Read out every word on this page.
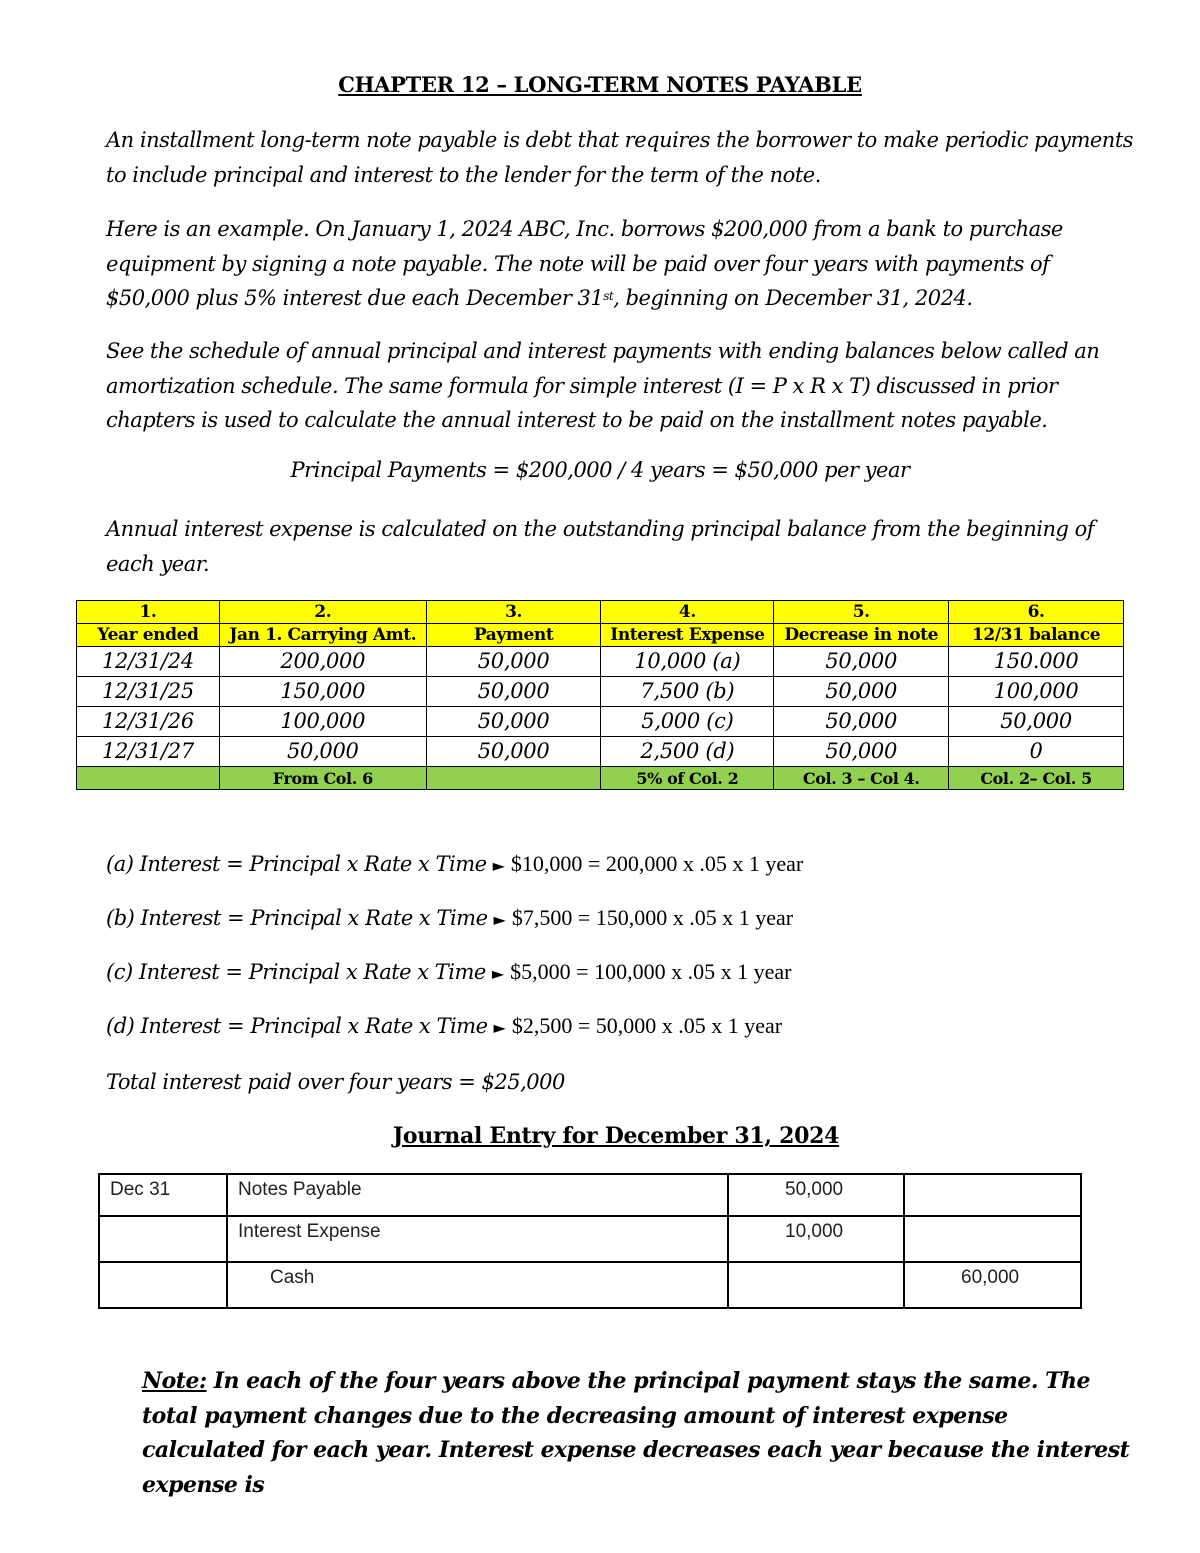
CHAPTER 12 – LONG-TERM NOTES PAYABLE
An installment long-term note payable is debt that requires the borrower to make periodic payments to include principal and interest to the lender for the term of the note.
Here is an example. On January 1, 2024 ABC, Inc. borrows $200,000 from a bank to purchase equipment by signing a note payable. The note will be paid over four years with payments of $50,000 plus 5% interest due each December 31st, beginning on December 31, 2024.
See the schedule of annual principal and interest payments with ending balances below called an amortization schedule. The same formula for simple interest (I = P x R x T) discussed in prior chapters is used to calculate the annual interest to be paid on the installment notes payable.
Principal Payments = $200,000 / 4 years = $50,000 per year
Annual interest expense is calculated on the outstanding principal balance from the beginning of each year.
1.	2.	3.	4.	5.	6.
Year ended	Jan 1. Carrying Amt.	Payment	Interest Expense	Decrease in note	12/31 balance
12/31/24	200,000	50,000	10,000 (a)	50,000	150.000
12/31/25	150,000	50,000	7,500 (b)	50,000	100,000
12/31/26	100,000	50,000	5,000 (c)	50,000	50,000
12/31/27	50,000	50,000	2,500 (d)	50,000	0
	From Col. 6		5% of Col. 2	Col. 3 – Col 4.	Col. 2– Col. 5
(a) Interest = Principal x Rate x Time ► $10,000 = 200,000 x .05 x 1 year
(b) Interest = Principal x Rate x Time ► $7,500 = 150,000 x .05 x 1 year
(c) Interest = Principal x Rate x Time ► $5,000 = 100,000 x .05 x 1 year
(d) Interest = Principal x Rate x Time ► $2,500 = 50,000 x .05 x 1 year
Total interest paid over four years = $25,000
Journal Entry for December 31, 2024
Dec 31	Notes Payable	50,000	
	Interest Expense	10,000	
	Cash		60,000
Note: In each of the four years above the principal payment stays the same. The total payment changes due to the decreasing amount of interest expense calculated for each year. Interest expense decreases each year because the interest expense is
